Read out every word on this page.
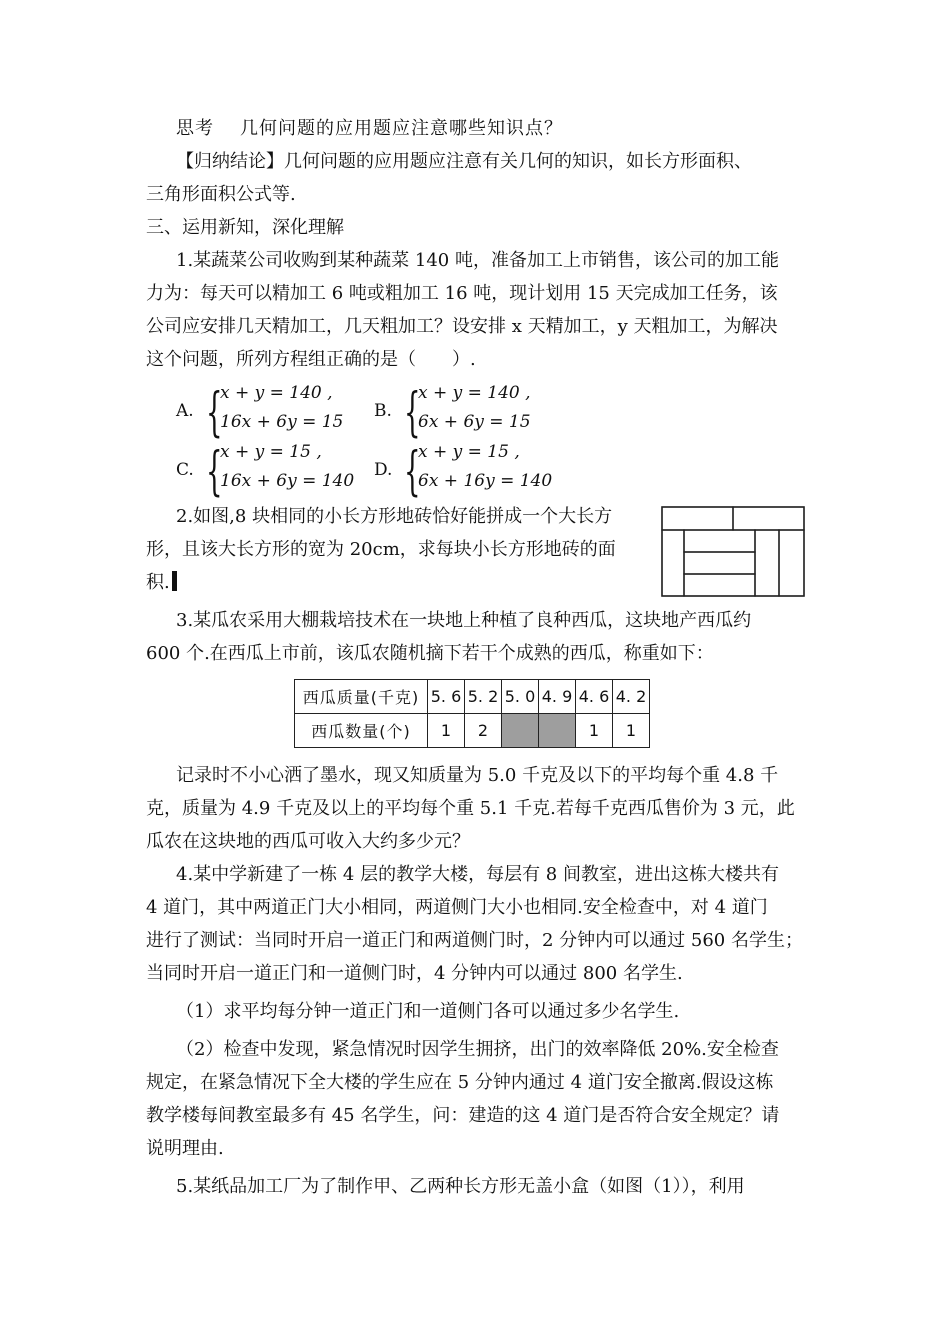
思考 几何问题的应用题应注意哪些知识点？
【归纳结论】几何问题的应用题应注意有关几何的知识，如长方形面积、
三角形面积公式等.
三、运用新知，深化理解
1.某蔬菜公司收购到某种蔬菜 140 吨，准备加工上市销售，该公司的加工能
力为：每天可以精加工 6 吨或粗加工 16 吨，现计划用 15 天完成加工任务，该
公司应安排几天精加工，几天粗加工？设安排 x 天精加工，y 天粗加工，为解决
这个问题，所列方程组正确的是（　　）.
A. {
x + y = 140 ,
16x + 6y = 15
B. {
x + y = 140 ,
6x + 6y = 15
C. {
x + y = 15 ,
16x + 6y = 140
D. {
x + y = 15 ,
6x + 16y = 140
2.如图,8 块相同的小长方形地砖恰好能拼成一个大长方
形，且该大长方形的宽为 20cm，求每块小长方形地砖的面
积.
3.某瓜农采用大棚栽培技术在一块地上种植了良种西瓜，这块地产西瓜约
600 个.在西瓜上市前，该瓜农随机摘下若干个成熟的西瓜，称重如下：
西瓜质量(千克)	5. 6	5. 2	5. 0	4. 9	4. 6	4. 2
西瓜数量(个)	1	2			1	1
记录时不小心洒了墨水，现又知质量为 5.0 千克及以下的平均每个重 4.8 千
克，质量为 4.9 千克及以上的平均每个重 5.1 千克.若每千克西瓜售价为 3 元，此
瓜农在这块地的西瓜可收入大约多少元？
4.某中学新建了一栋 4 层的教学大楼，每层有 8 间教室，进出这栋大楼共有
4 道门，其中两道正门大小相同，两道侧门大小也相同.安全检查中，对 4 道门
进行了测试：当同时开启一道正门和两道侧门时，2 分钟内可以通过 560 名学生；
当同时开启一道正门和一道侧门时，4 分钟内可以通过 800 名学生.
（1）求平均每分钟一道正门和一道侧门各可以通过多少名学生.
（2）检查中发现，紧急情况时因学生拥挤，出门的效率降低 20%.安全检查
规定，在紧急情况下全大楼的学生应在 5 分钟内通过 4 道门安全撤离.假设这栋
教学楼每间教室最多有 45 名学生，问：建造的这 4 道门是否符合安全规定？请
说明理由.
5.某纸品加工厂为了制作甲、乙两种长方形无盖小盒（如图（1）），利用
